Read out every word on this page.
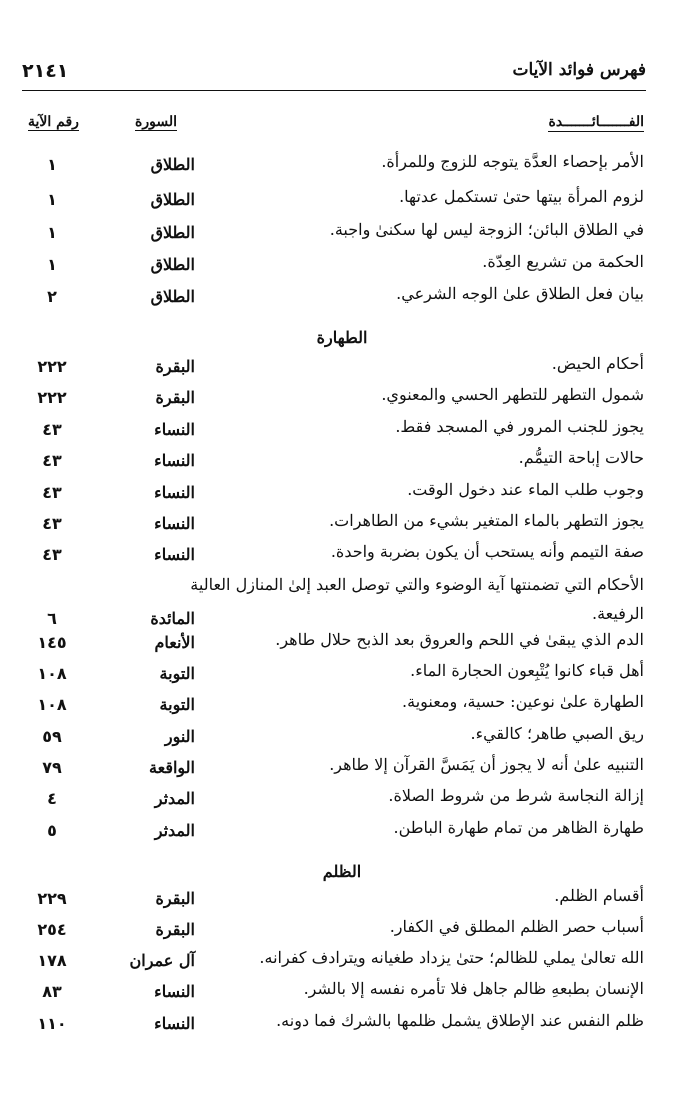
فهرس فوائد الآيات
٢١٤١
الفـــــــائـــــــدة
السورة
رقم الآية
الأمر بإحصاء العدَّة يتوجه للزوج وللمرأة.
الطلاق
١
لزوم المرأة بيتها حتىٰ تستكمل عدتها.
الطلاق
١
في الطلاق البائن؛ الزوجة ليس لها سكنىٰ واجبة.
الطلاق
١
الحكمة من تشريع العِدّة.
الطلاق
١
بيان فعل الطلاق علىٰ الوجه الشرعي.
الطلاق
٢
الطهارة
أحكام الحيض.
البقرة
٢٢٢
شمول التطهر للتطهر الحسي والمعنوي.
البقرة
٢٢٢
يجوز للجنب المرور في المسجد فقط.
النساء
٤٣
حالات إباحة التيمُّم.
النساء
٤٣
وجوب طلب الماء عند دخول الوقت.
النساء
٤٣
يجوز التطهر بالماء المتغير بشيء من الطاهرات.
النساء
٤٣
صفة التيمم وأنه يستحب أن يكون بضربة واحدة.
النساء
٤٣
الأحكام التي تضمنتها آية الوضوء والتي توصل العبد إلىٰ المنازل العالية الرفيعة.
المائدة
٦
الدم الذي يبقىٰ في اللحم والعروق بعد الذبح حلال طاهر.
الأنعام
١٤٥
أهل قباء كانوا يُتْبِعون الحجارة الماء.
التوبة
١٠٨
الطهارة علىٰ نوعين: حسية، ومعنوية.
التوبة
١٠٨
ريق الصبي طاهر؛ كالقيء.
النور
٥٩
التنبيه علىٰ أنه لا يجوز أن يَمَسَّ القرآن إلا طاهر.
الواقعة
٧٩
إزالة النجاسة شرط من شروط الصلاة.
المدثر
٤
طهارة الظاهر من تمام طهارة الباطن.
المدثر
٥
الظلم
أقسام الظلم.
البقرة
٢٢٩
أسباب حصر الظلم المطلق في الكفار.
البقرة
٢٥٤
الله تعالىٰ يملي للظالم؛ حتىٰ يزداد طغيانه ويترادف كفرانه.
آل عمران
١٧٨
الإنسان بطبعهِ ظالم جاهل فلا تأمره نفسه إلا بالشر.
النساء
٨٣
ظلم النفس عند الإطلاق يشمل ظلمها بالشرك فما دونه.
النساء
١١٠
